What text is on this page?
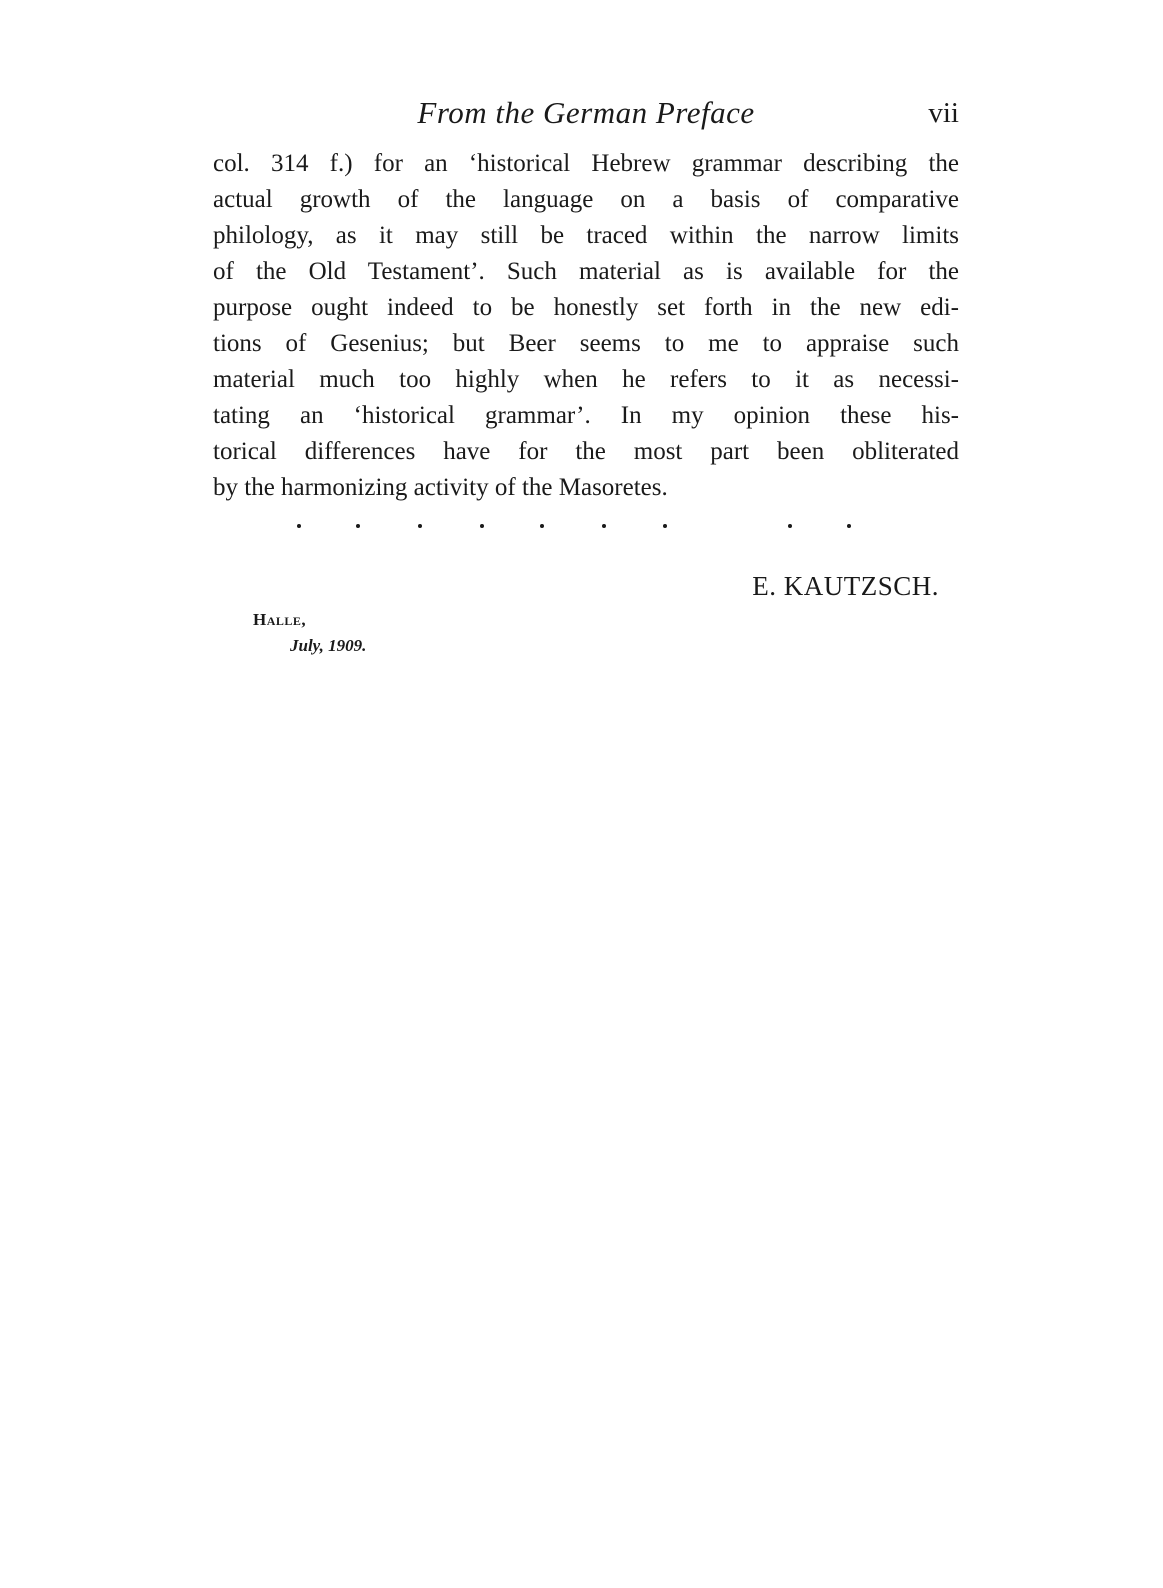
From the German Preface	vii
col. 314 f.) for an ‘historical Hebrew grammar describing the
actual growth of the language on a basis of comparative
philology, as it may still be traced within the narrow limits
of the Old Testament’. Such material as is available for the
purpose ought indeed to be honestly set forth in the new edi-
tions of Gesenius; but Beer seems to me to appraise such
material much too highly when he refers to it as necessi-
tating an ‘historical grammar’. In my opinion these his-
torical differences have for the most part been obliterated
by the harmonizing activity of the Masoretes.
E. KAUTZSCH.
Halle,
July, 1909.
